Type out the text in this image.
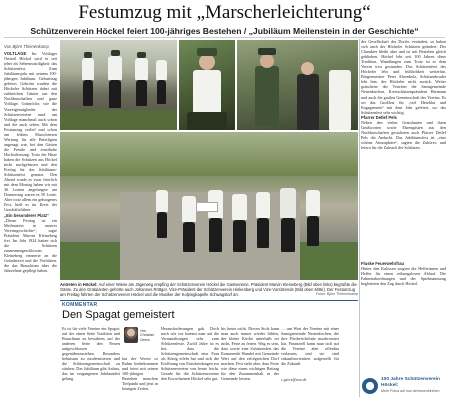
Festumzug mit „Marscherleichterung“
Schützenverein Höckel feiert 100-jähriges Bestehen / „Jubiläum Meilenstein in der Geschichte“
Von Björn Thienenkamp
VOLTLAGE Im Voltlager Ortsteil Höckel wird es seit jeher als Sehenswürdigkeit: das Schützenfest. Zum Jubiläumsjahr mit seinem 100-jährigen Jubiläum. Geburtstag gefeiert. Gekrönt wurden die Höckeler Schützen dabei mit zahlreichen Gästen aus den Nachbarschaften und ganz Voltlage. Grünröcke, wie die Vorzeigemitglieder der Schützenvereine rund um Voltlage manchmal auch schon und die auch sehen. Mit dem Festumzug verlief und schon am frühen Marschierten Wertung für alle Beteiligten angesagt war, bei den Gästen die Freude und ernsthafte Höchstleistung. Trotz der Hitze haben die Schützen aus Höckel nicht nachgelassen und den Freitag für das Jubiläums-Schützenfest genutzt. Den Abend wurde es zwar feierlich mit dem Montag haben wir mit 36 Leuten angefangen am Donnerstag waren es 50 Leute. Aber trotz allem ein gelungenes Fest, hieß es im Kreis der Geschäftsführer.
„Ein besonderer Platz“
„Dieser Festtag ist ein Meilenstein in unserer Vereinsgeschichte“, sagte Präsident Marvin Kleineberg frei. Im Jahr 1924 hatten sich die Schützen zusammengeschlossen. Kleineberg erinnerte an die Gründerzeit und die Vorfahren, die das Brauchtum über die Jahrzehnte gepflegt haben.
Antreten in Höckel: Auf einer Wiese am Jägerweg empfing der Schützenverein Höckel die Gastvereine. Präsident Marvin Kleineberg (Bild oben links) begrüßte die Gäste. Zu den Gratulanten gehörte auch Johannes Röttger. Vize-Präsident der Schützenverein Hinkenberg und Vize-Vorsitzende (Bild oben Mitte). Der Festumzug am Freitag führten der Schützenverein Höckel und die Musiker der Kolpingkapelle Schwagstorf an.	Fotos: Björn Thienenkamp
der Gesellschaft des Dorfes verändert, so haben sich auch der Höckeler Schützen geändert. Der Charakter bleibt aber und ist seit Bestehen gleich geblieben. Höckel lebt seit 100 Jahren diese Tradition. Wandlungen zum Trotz ist er dem Verein treu gestanden. Das Schützenfest des Höckeler lebt und frühlichkeit weiterhin. Bürgermeister Peter Ahrenholz, Schützenbruder lebt hier, der Höckeler nicht zurück. Weiter gratulierte der Vertreter der Samtgemeinde Neuenkirchen, Kreisschützenpräsident Hermann und auch die großen Gemeinschaft des Vereins. Es sei das Großfest für „viel Herzblut und Engagement“ mit dem Jahr gefeiert, wo das Schützenfest sehr wichtig.
Pfarrer Detlef Pels
Neben den vielen Gratulanten und ihren Grußworten sowie Ehrengästen aus den Nachbarschaften gestalteten auch Pfarrer Detlef Pels die Andacht. Das Jubiläumsfest ist „eine schöne Atmosphäre“, sagten die Zuhörer, und feiern für die Zukunft der Schützen.
Fluske Feuerwehrfrau
Hinter den Kulissen sorgten die Helferinnen und Helfer für einen reibungslosen Ablauf. Die Fahnenabordnungen und der Spielmannszug begleiteten den Zug durch Höckel.
KOMMENTAR
Den Spagat gemeistert
Es ist für viele Vereine ein Spagat: auf der einen Seite Tradition und Brauchtum zu bewahren, auf der anderen Seite den Neuen aufgeschlossen gegenüberzustehen. Besonders behutsam zu modernisieren und die Schützengemeinschaft zu stärken. Das Jubiläum gibt Anlass, das im vergangenen Jahrhundert gelang.
Von Christian Geers
hat der Verein so Ruhm hinbekommen und feiert mit seinen 100-jährigen Bestehen manchen Tiefpunkt und jetzt in heutigen Zeiten.
Herausforderungen gab. Doch nach wie vor kommt man auf die Veranstaltungen sehr zum Schützenfeste. Zwölf Jahre ist es her, dass die Schützengemeinschaft eine Frau als König erlebt hat und sich die Eröffnung von Entscheidungen zur Schützenvereine von heute leicht. Gerade für die Schützenvereine den Erwachsenen Höckel sehr gut.
bis heute nicht. Diesen Stolz kann man auch immer wieder fühlen, der kleine Kirche unterhalb sei nicht, Feste zu feiern. Wag es sein, dass sowie eine Schützenfest das Kommende Wandel mit Gemeinde Wert auf den erfolgreichen Dorf machen. Fest steht aber, dass Feste wie diese einen wichtigen Beitrag für den Zusammenhalt in der Gemeinde leisten.
… um Wert der Vereine mit einer Samtgemeinde Neuenkirchen, die ihre Förderrichtlinie modernisiert hat. Finanziell kann man sich auf die Vereine aber offenbar verlassen, und sie sind zukunftsorientiert aufgestellt für die Zukunft.
c.geers@noz.de	100 Jahre Schützenverein Höckel:
Mehr Fotos auf noz.de/neuenkirchen
